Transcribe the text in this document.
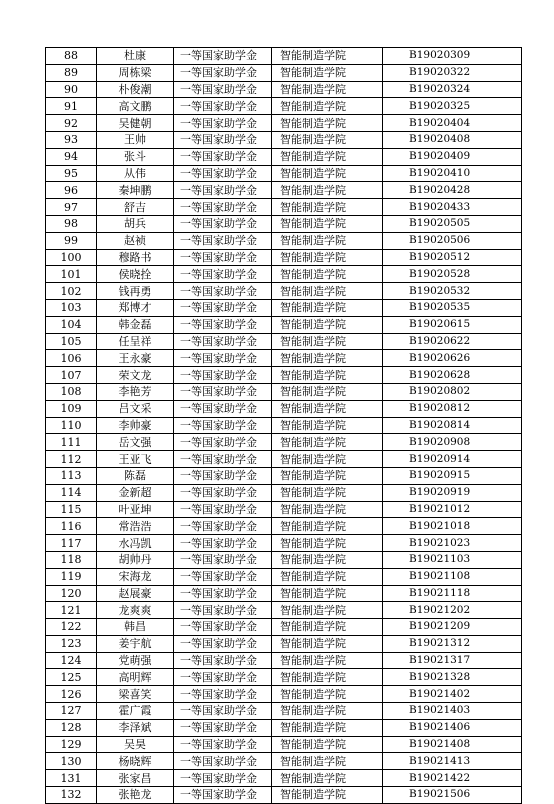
88	杜康	一等国家助学金	智能制造学院	B19020309
89	周栋梁	一等国家助学金	智能制造学院	B19020322
90	朴俊潮	一等国家助学金	智能制造学院	B19020324
91	高文鹏	一等国家助学金	智能制造学院	B19020325
92	吴健朝	一等国家助学金	智能制造学院	B19020404
93	王帅	一等国家助学金	智能制造学院	B19020408
94	张斗	一等国家助学金	智能制造学院	B19020409
95	从伟	一等国家助学金	智能制造学院	B19020410
96	秦坤鹏	一等国家助学金	智能制造学院	B19020428
97	舒吉	一等国家助学金	智能制造学院	B19020433
98	胡兵	一等国家助学金	智能制造学院	B19020505
99	赵祯	一等国家助学金	智能制造学院	B19020506
100	穆路书	一等国家助学金	智能制造学院	B19020512
101	侯晓拴	一等国家助学金	智能制造学院	B19020528
102	钱再勇	一等国家助学金	智能制造学院	B19020532
103	郑博才	一等国家助学金	智能制造学院	B19020535
104	韩金磊	一等国家助学金	智能制造学院	B19020615
105	任呈祥	一等国家助学金	智能制造学院	B19020622
106	王永豪	一等国家助学金	智能制造学院	B19020626
107	荣文龙	一等国家助学金	智能制造学院	B19020628
108	李艳芳	一等国家助学金	智能制造学院	B19020802
109	吕文采	一等国家助学金	智能制造学院	B19020812
110	李帅豪	一等国家助学金	智能制造学院	B19020814
111	岳文强	一等国家助学金	智能制造学院	B19020908
112	王亚飞	一等国家助学金	智能制造学院	B19020914
113	陈磊	一等国家助学金	智能制造学院	B19020915
114	金新超	一等国家助学金	智能制造学院	B19020919
115	叶亚坤	一等国家助学金	智能制造学院	B19021012
116	常浩浩	一等国家助学金	智能制造学院	B19021018
117	水冯凯	一等国家助学金	智能制造学院	B19021023
118	胡帅丹	一等国家助学金	智能制造学院	B19021103
119	宋海龙	一等国家助学金	智能制造学院	B19021108
120	赵展豪	一等国家助学金	智能制造学院	B19021118
121	龙爽爽	一等国家助学金	智能制造学院	B19021202
122	韩昌	一等国家助学金	智能制造学院	B19021209
123	姜宇航	一等国家助学金	智能制造学院	B19021312
124	党萌强	一等国家助学金	智能制造学院	B19021317
125	高明辉	一等国家助学金	智能制造学院	B19021328
126	梁喜笑	一等国家助学金	智能制造学院	B19021402
127	霍广霞	一等国家助学金	智能制造学院	B19021403
128	李泽斌	一等国家助学金	智能制造学院	B19021406
129	吴昊	一等国家助学金	智能制造学院	B19021408
130	杨晓辉	一等国家助学金	智能制造学院	B19021413
131	张家昌	一等国家助学金	智能制造学院	B19021422
132	张艳龙	一等国家助学金	智能制造学院	B19021506
